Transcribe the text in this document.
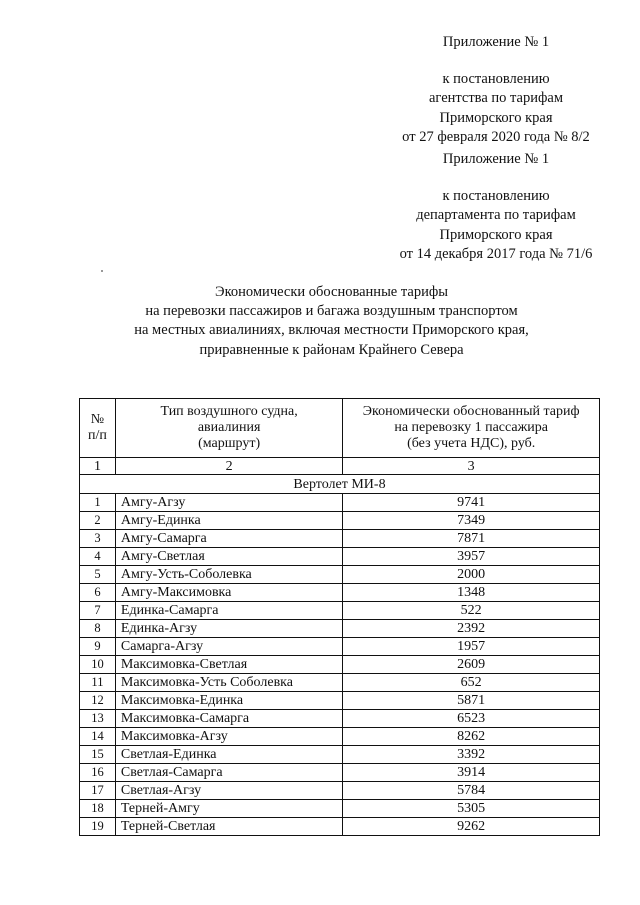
Приложение № 1
к постановлению
агентства по тарифам
Приморского края
от 27 февраля 2020 года № 8/2
Приложение № 1
к постановлению
департамента по тарифам
Приморского края
от 14 декабря 2017 года № 71/6
Экономически обоснованные тарифы
на перевозки пассажиров и багажа воздушным транспортом
на местных авиалиниях, включая местности Приморского края,
приравненные к районам Крайнего Севера
№
п/п	Тип воздушного судна,
авиалиния
(маршрут)	Экономически обоснованный тариф
на перевозку 1 пассажира
(без учета НДС), руб.

1	2	3
Вертолет МИ-8		
1	Амгу-Агзу	9741
2	Амгу-Единка	7349
3	Амгу-Самарга	7871
4	Амгу-Светлая	3957
5	Амгу-Усть-Соболевка	2000
6	Амгу-Максимовка	1348
7	Единка-Самарга	522
8	Единка-Агзу	2392
9	Самарга-Агзу	1957
10	Максимовка-Светлая	2609
11	Максимовка-Усть Соболевка	652
12	Максимовка-Единка	5871
13	Максимовка-Самарга	6523
14	Максимовка-Агзу	8262
15	Светлая-Единка	3392
16	Светлая-Самарга	3914
17	Светлая-Агзу	5784
18	Терней-Амгу	5305
19	Терней-Светлая	9262
